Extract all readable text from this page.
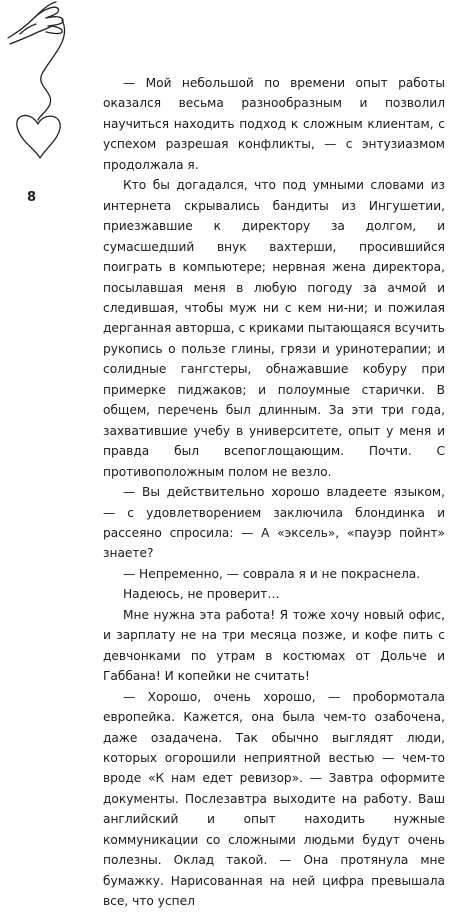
8

— Мой небольшой по времени опыт работы оказался весьма разнообразным и позволил научиться находить подход к сложным клиентам, с успехом разрешая конфликты, — с энтузиазмом продолжала я.

Кто бы догадался, что под умными словами из интернета скрывались бандиты из Ингушетии, приезжавшие к директору за долгом, и сумасшедший внук вахтерши, просившийся поиграть в компьютере; нервная жена директора, посылавшая меня в любую погоду за ачмой и следившая, чтобы муж ни с кем ни-ни; и пожилая дерганная авторша, с криками пытающаяся всучить рукопись о пользе глины, грязи и уринотерапии; и солидные гангстеры, обнажавшие кобуру при примерке пиджаков; и полоумные старички. В общем, перечень был длинным. За эти три года, захватившие учебу в университете, опыт у меня и правда был всепоглощающим. Почти. С противоположным полом не везло.

— Вы действительно хорошо владеете языком, — с удовлетворением заключила блондинка и рассеяно спросила: — А «эксель», «пауэр пойнт» знаете?

— Непременно, — соврала я и не покраснела.

Надеюсь, не проверит…

Мне нужна эта работа! Я тоже хочу новый офис, и зарплату не на три месяца позже, и кофе пить с девчонками по утрам в костюмах от Дольче и Габбана! И копейки не считать!

— Хорошо, очень хорошо, — пробормотала европейка. Кажется, она была чем-то озабочена, даже озадачена. Так обычно выглядят люди, которых огорошили неприятной вестью — чем-то вроде «К нам едет ревизор». — Завтра оформите документы. Послезавтра выходите на работу. Ваш английский и опыт находить нужные коммуникации со сложными людьми будут очень полезны. Оклад такой. — Она протянула мне бумажку. Нарисованная на ней цифра превышала все, что успел
